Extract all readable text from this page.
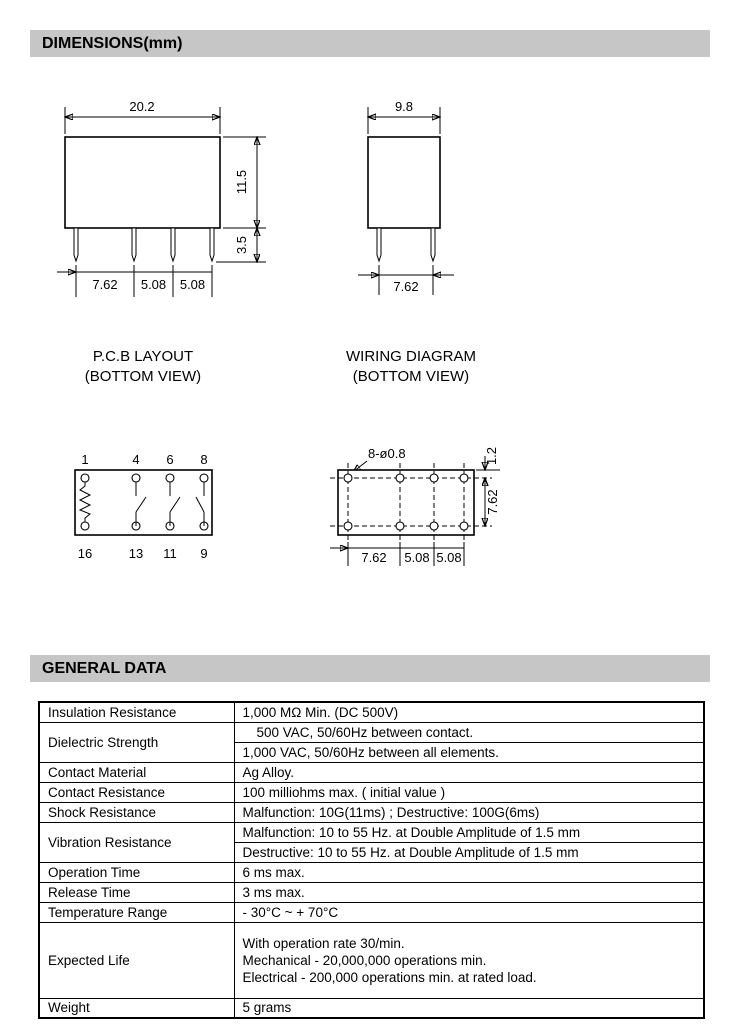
DIMENSIONS(mm)
20.2
11.5
3.5
7.62 5.08 5.08
9.8
7.62
1	4 6 8
16	13 11 9
8-ø0.8	1.2
7.62
7.62 5.08 5.08
P.C.B LAYOUT
(BOTTOM VIEW)
WIRING DIAGRAM
(BOTTOM VIEW)
GENERAL DATA
Insulation Resistance	1,000 MΩ Min. (DC 500V)
Dielectric Strength	500 VAC, 50/60Hz between contact.
	1,000 VAC, 50/60Hz between all elements.
Contact Material	Ag Alloy.
Contact Resistance	100 milliohms max. ( initial value )
Shock Resistance	Malfunction: 10G(11ms) ; Destructive: 100G(6ms)
Vibration Resistance	Malfunction: 10 to 55 Hz. at Double Amplitude of 1.5 mm
	Destructive: 10 to 55 Hz. at Double Amplitude of 1.5 mm
Operation Time	6 ms max.
Release Time	3 ms max.
Temperature Range	- 30°C ~ + 70°C
Expected Life	With operation rate 30/min.
Mechanical - 20,000,000 operations min.
Electrical - 200,000 operations min. at rated load.

Weight	5 grams
